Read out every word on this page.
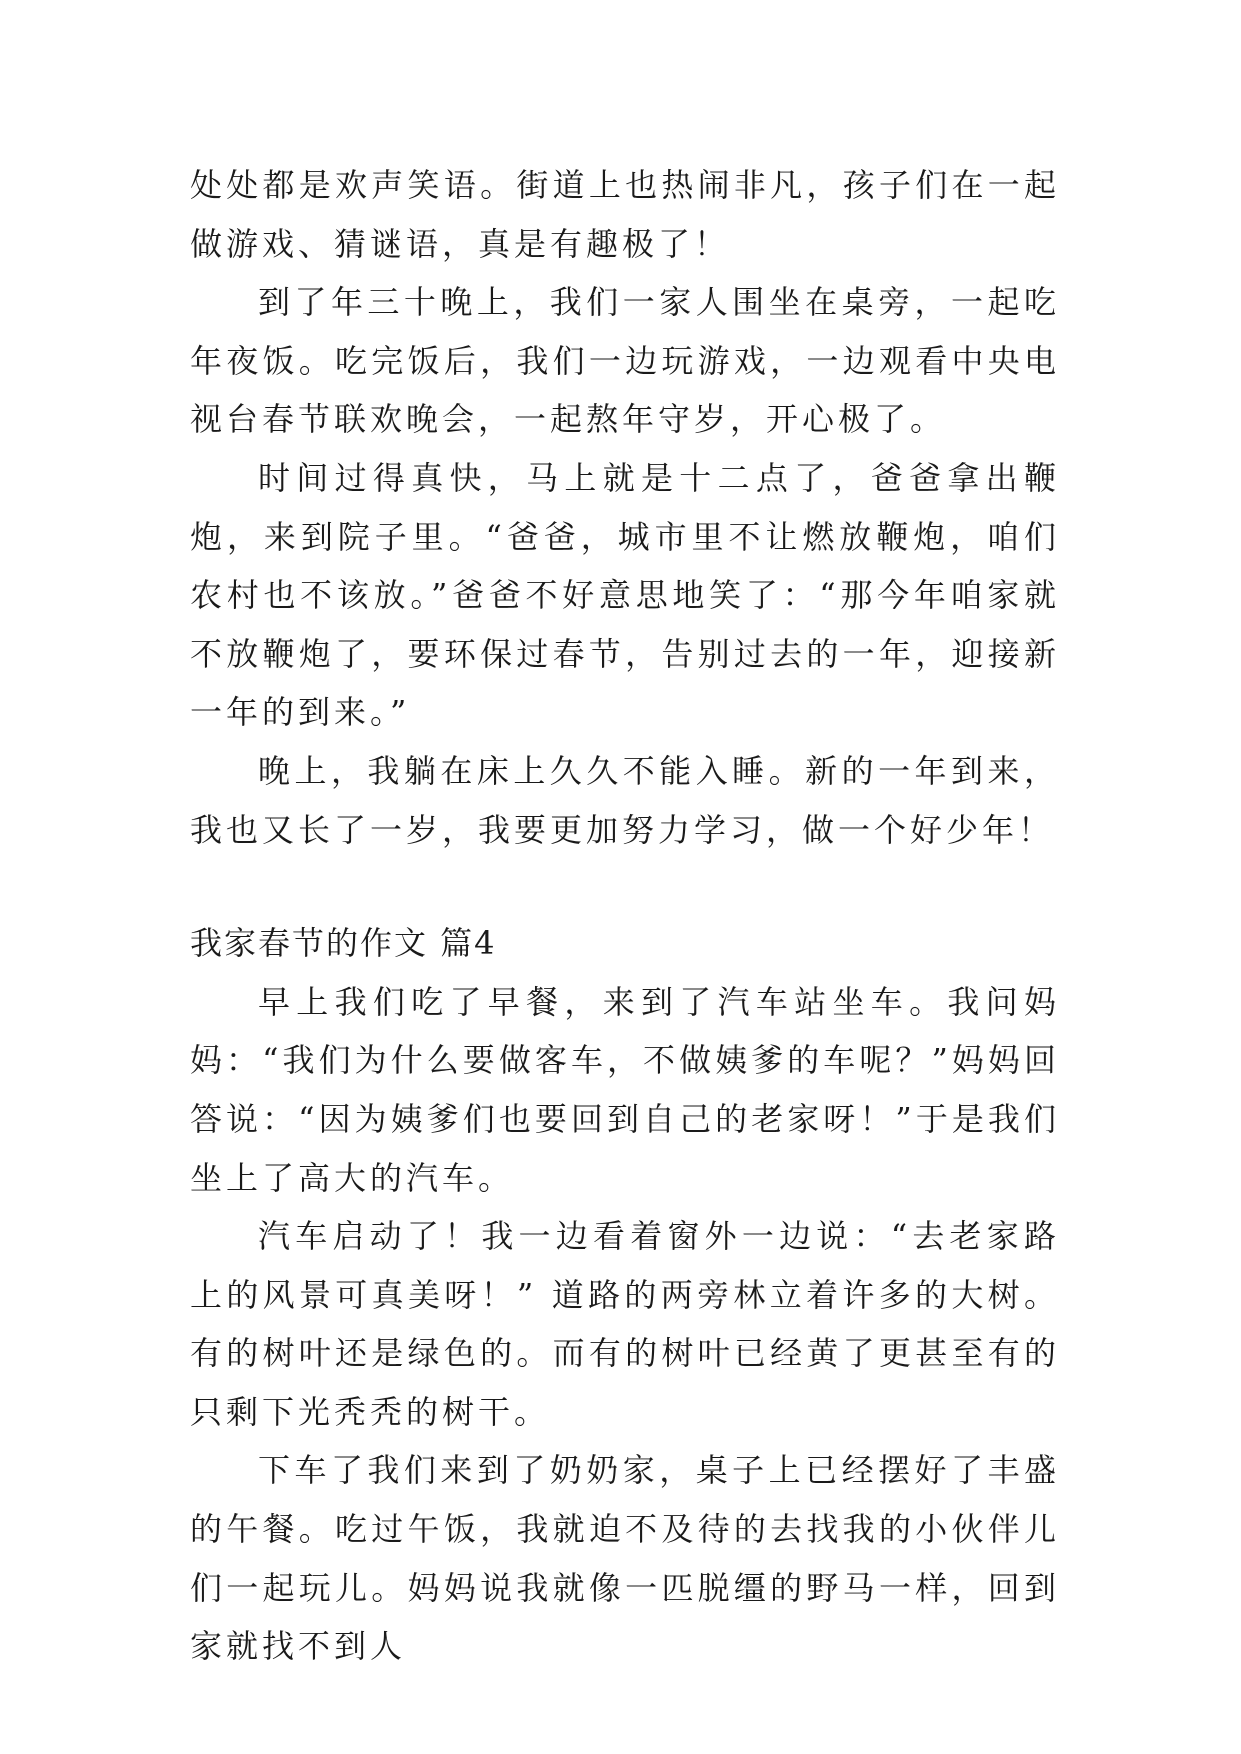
处处都是欢声笑语。街道上也热闹非凡，孩子们在一起做游戏、猜谜语，真是有趣极了！

到了年三十晚上，我们一家人围坐在桌旁，一起吃年夜饭。吃完饭后，我们一边玩游戏，一边观看中央电视台春节联欢晚会，一起熬年守岁，开心极了。

时间过得真快，马上就是十二点了，爸爸拿出鞭炮，来到院子里。“爸爸，城市里不让燃放鞭炮，咱们农村也不该放。”爸爸不好意思地笑了：“那今年咱家就不放鞭炮了，要环保过春节，告别过去的一年，迎接新一年的到来。”

晚上，我躺在床上久久不能入睡。新的一年到来，我也又长了一岁，我要更加努力学习，做一个好少年！

我家春节的作文 篇4

早上我们吃了早餐，来到了汽车站坐车。我问妈妈：“我们为什么要做客车，不做姨爹的车呢？”妈妈回答说：“因为姨爹们也要回到自己的老家呀！”于是我们坐上了高大的汽车。

汽车启动了！我一边看着窗外一边说：“去老家路上的风景可真美呀！” 道路的两旁林立着许多的大树。有的树叶还是绿色的。而有的树叶已经黄了更甚至有的只剩下光秃秃的树干。

下车了我们来到了奶奶家，桌子上已经摆好了丰盛的午餐。吃过午饭，我就迫不及待的去找我的小伙伴儿们一起玩儿。妈妈说我就像一匹脱缰的野马一样，回到家就找不到人
